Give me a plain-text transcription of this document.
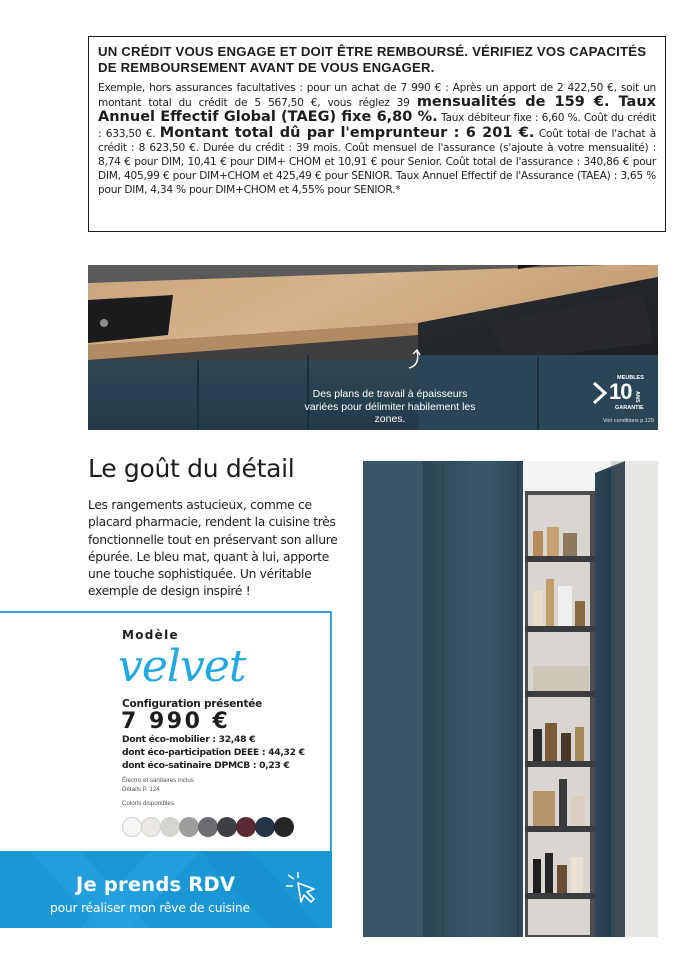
UN CRÉDIT VOUS ENGAGE ET DOIT ÊTRE REMBOURSÉ. VÉRIFIEZ VOS CAPACITÉS DE REMBOURSEMENT AVANT DE VOUS ENGAGER.

Exemple, hors assurances facultatives : pour un achat de 7 990 € : Après un apport de 2 422,50 €, soit un montant total du crédit de 5 567,50 €, vous réglez 39 mensualités de 159 €. Taux Annuel Effectif Global (TAEG) fixe 6,80 %. Taux débiteur fixe : 6,60 %. Coût du crédit : 633,50 €. Montant total dû par l'emprunteur : 6 201 €. Coût total de l'achat à crédit : 8 623,50 €. Durée du crédit : 39 mois. Coût mensuel de l'assurance (s'ajoute à votre mensualité) : 8,74 € pour DIM, 10,41 € pour DIM+ CHOM et 10,91 € pour Senior. Coût total de l'assurance : 340,86 € pour DIM, 405,99 € pour DIM+CHOM et 425,49 € pour SENIOR. Taux Annuel Effectif de l'Assurance (TAEA) : 3,65 % pour DIM, 4,34 % pour DIM+CHOM et 4,55% pour SENIOR.*
Des plans de travail à épaisseurs variées pour délimiter habilement les zones.
MEUBLES
10 ANS
GARANTIE
Voir conditions p.129
Le goût du détail

Les rangements astucieux, comme ce placard pharmacie, rendent la cuisine très fonctionnelle tout en préservant son allure épurée. Le bleu mat, quant à lui, apporte une touche sophistiquée. Un véritable exemple de design inspiré !

Modèle
velvet
Configuration présentée
7 990 €
Dont éco-mobilier : 32,48 €
dont éco-participation DEEE : 44,32 €
dont éco-satinaire DPMCB : 0,23 €
Électro et sanitaires inclus
Détails P. 124
Coloris disponibles
Je prends RDV
pour réaliser mon rêve de cuisine
